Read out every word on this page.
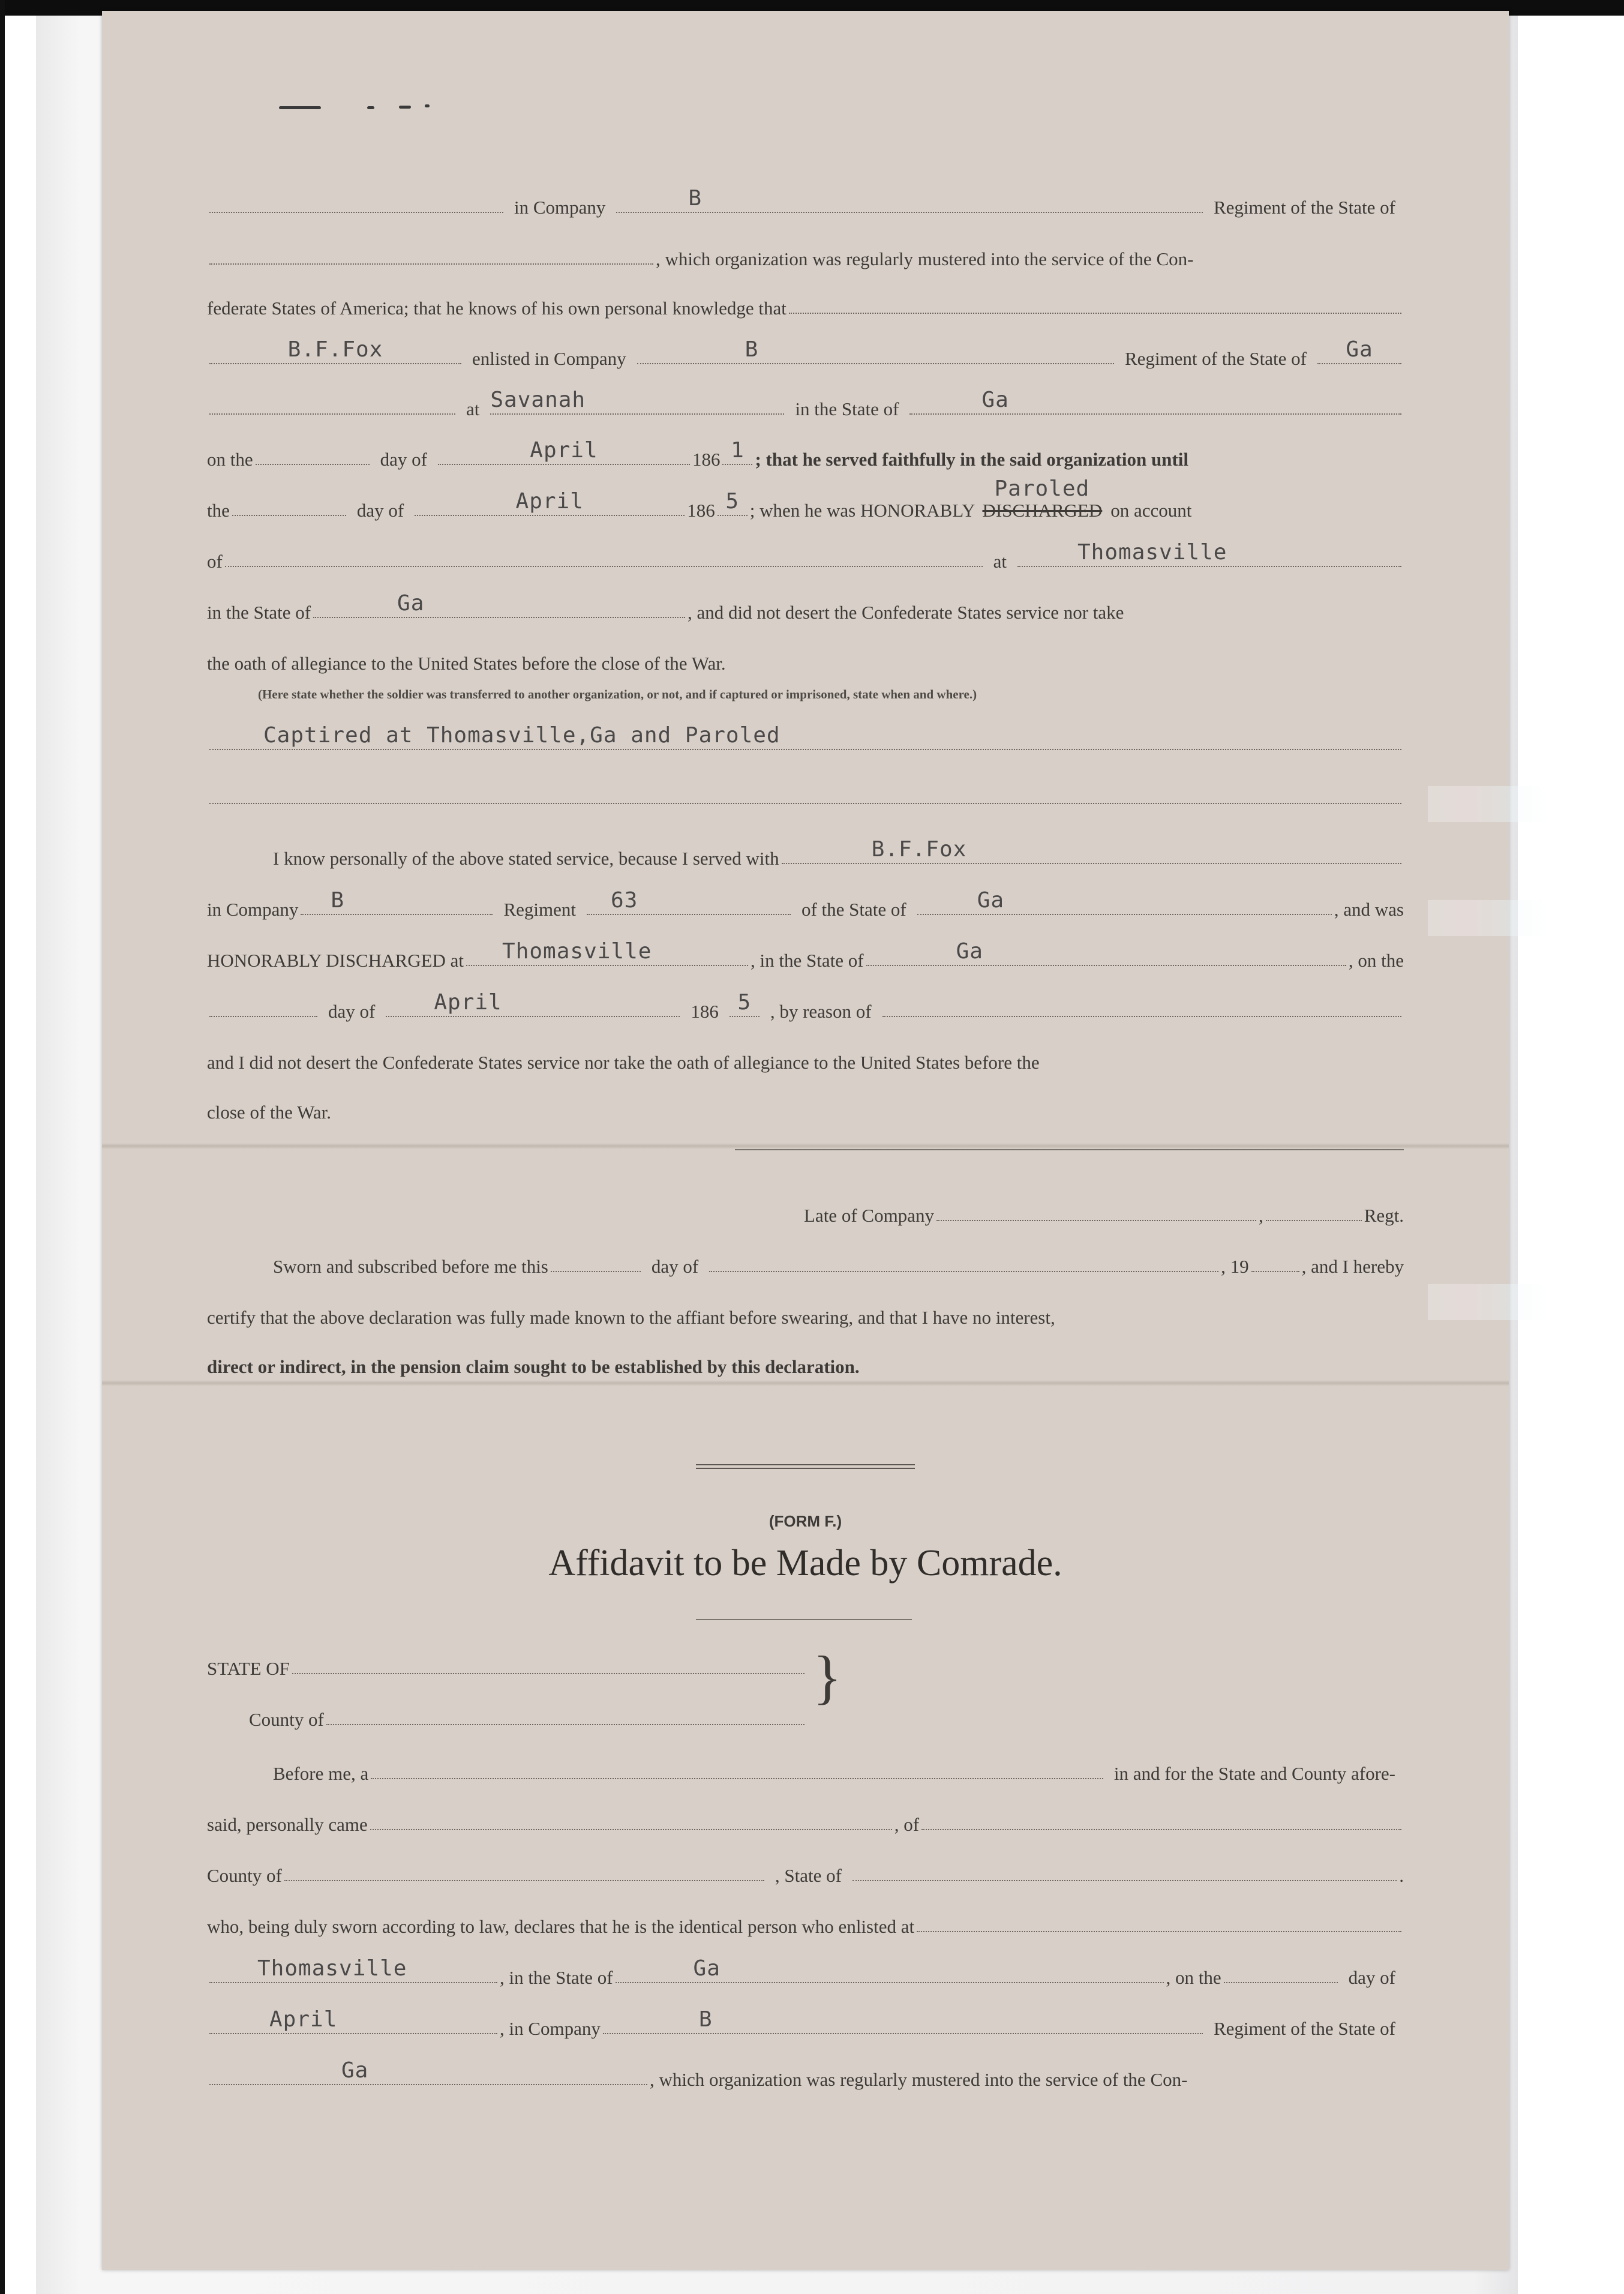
in Company	B	Regiment of the State of
, which organization was regularly mustered into the service of the Con-
federate States of America; that he knows of his own personal knowledge that
B.F.Fox	enlisted in Company	B	Regiment of the State of Ga
at Savanah	in the State of	Ga
on the	day of	April	186 1 ; that he served faithfully in the said organization until
the	day of	April	186 5 ; when he was HONORABLY DISCHARGED
Paroled
on account
of	at	Thomasville
in the State of	Ga	, and did not desert the Confederate States service nor take
the oath of allegiance to the United States before the close of the War.
(Here state whether the soldier was transferred to another organization, or not, and if captured or imprisoned, state when and where.)
Captired at Thomasville,Ga and Paroled
I know personally of the above stated service, because I served with	B.F.Fox
in Company B	Regiment 63	of the State of	Ga	, and was
HONORABLY DISCHARGED at Thomasville	, in the State of	Ga	, on the
day of	April	186 5 , by reason of
and I did not desert the Confederate States service nor take the oath of allegiance to the United States before the
close of the War.
Late of Company	,	Regt.
Sworn and subscribed before me this	day of	, 19	, and I hereby
certify that the above declaration was fully made known to the affiant before swearing, and that I have no interest,
direct or indirect, in the pension claim sought to be established by this declaration.
(FORM F.)
Affidavit to be Made by Comrade.
STATE OF
County of
}
Before me, a	in and for the State and County afore-
said, personally came	, of
County of	, State of	.
who, being duly sworn according to law, declares that he is the identical person who enlisted at
Thomasville	, in the State of	Ga	, on the	day of
April	, in Company	B	Regiment of the State of
Ga	, which organization was regularly mustered into the service of the Con-
